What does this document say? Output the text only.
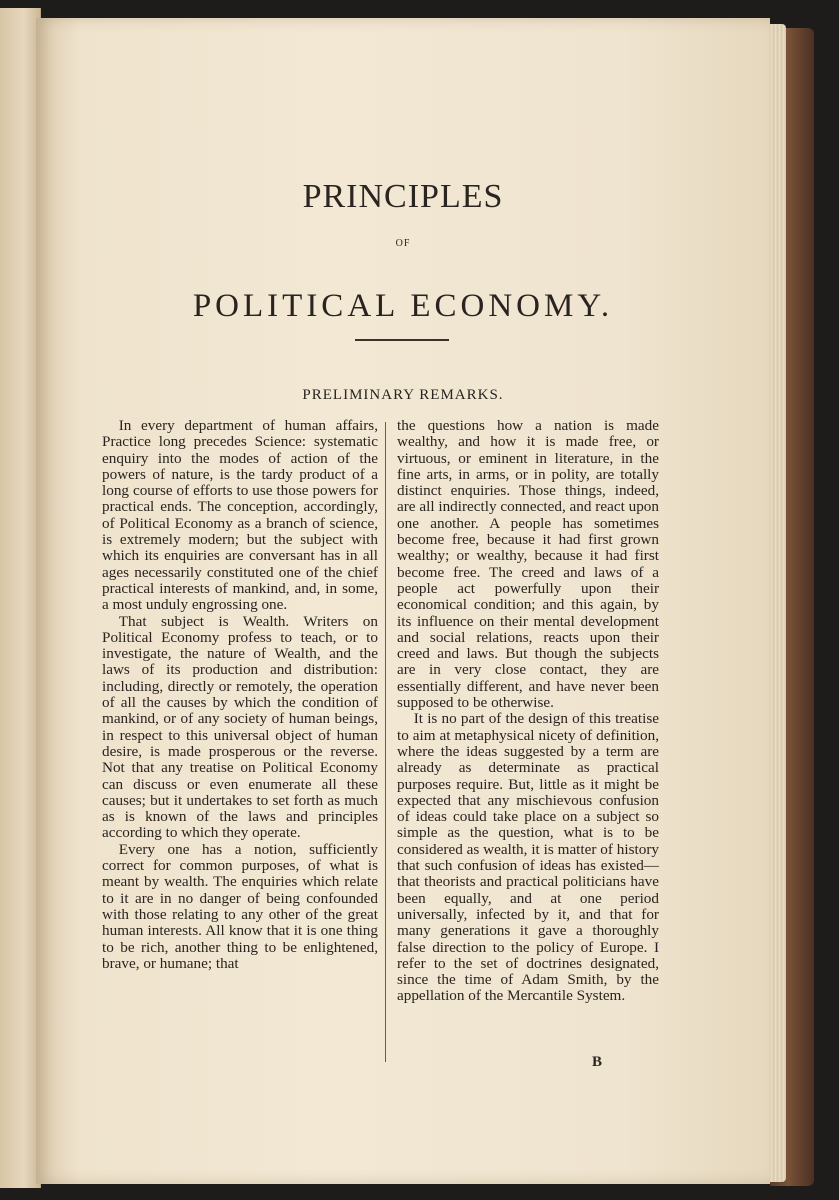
PRINCIPLES
OF
POLITICAL ECONOMY.
PRELIMINARY REMARKS.

In every department of human affairs, Practice long precedes Science: systematic enquiry into the modes of action of the powers of nature, is the tardy product of a long course of efforts to use those powers for practical ends. The conception, accordingly, of Political Economy as a branch of science, is extremely modern; but the subject with which its enquiries are conversant has in all ages necessarily constituted one of the chief practical interests of mankind, and, in some, a most unduly engrossing one.

That subject is Wealth. Writers on Political Economy profess to teach, or to investigate, the nature of Wealth, and the laws of its production and distribution: including, directly or remotely, the operation of all the causes by which the condition of mankind, or of any society of human beings, in respect to this universal object of human desire, is made prosperous or the reverse. Not that any treatise on Political Economy can discuss or even enumerate all these causes; but it undertakes to set forth as much as is known of the laws and principles according to which they operate.

Every one has a notion, sufficiently correct for common purposes, of what is meant by wealth. The enquiries which relate to it are in no danger of being confounded with those relating to any other of the great human interests. All know that it is one thing to be rich, another thing to be enlightened, brave, or humane; that

the questions how a nation is made wealthy, and how it is made free, or virtuous, or eminent in literature, in the fine arts, in arms, or in polity, are totally distinct enquiries. Those things, indeed, are all indirectly connected, and react upon one another. A people has sometimes become free, because it had first grown wealthy; or wealthy, because it had first become free. The creed and laws of a people act powerfully upon their economical condition; and this again, by its influence on their mental development and social relations, reacts upon their creed and laws. But though the subjects are in very close contact, they are essentially different, and have never been supposed to be otherwise.

It is no part of the design of this treatise to aim at metaphysical nicety of definition, where the ideas suggested by a term are already as determinate as practical purposes require. But, little as it might be expected that any mischievous confusion of ideas could take place on a subject so simple as the question, what is to be considered as wealth, it is matter of history that such confusion of ideas has existed—that theorists and practical politicians have been equally, and at one period universally, infected by it, and that for many generations it gave a thoroughly false direction to the policy of Europe. I refer to the set of doctrines designated, since the time of Adam Smith, by the appellation of the Mercantile System.

B
